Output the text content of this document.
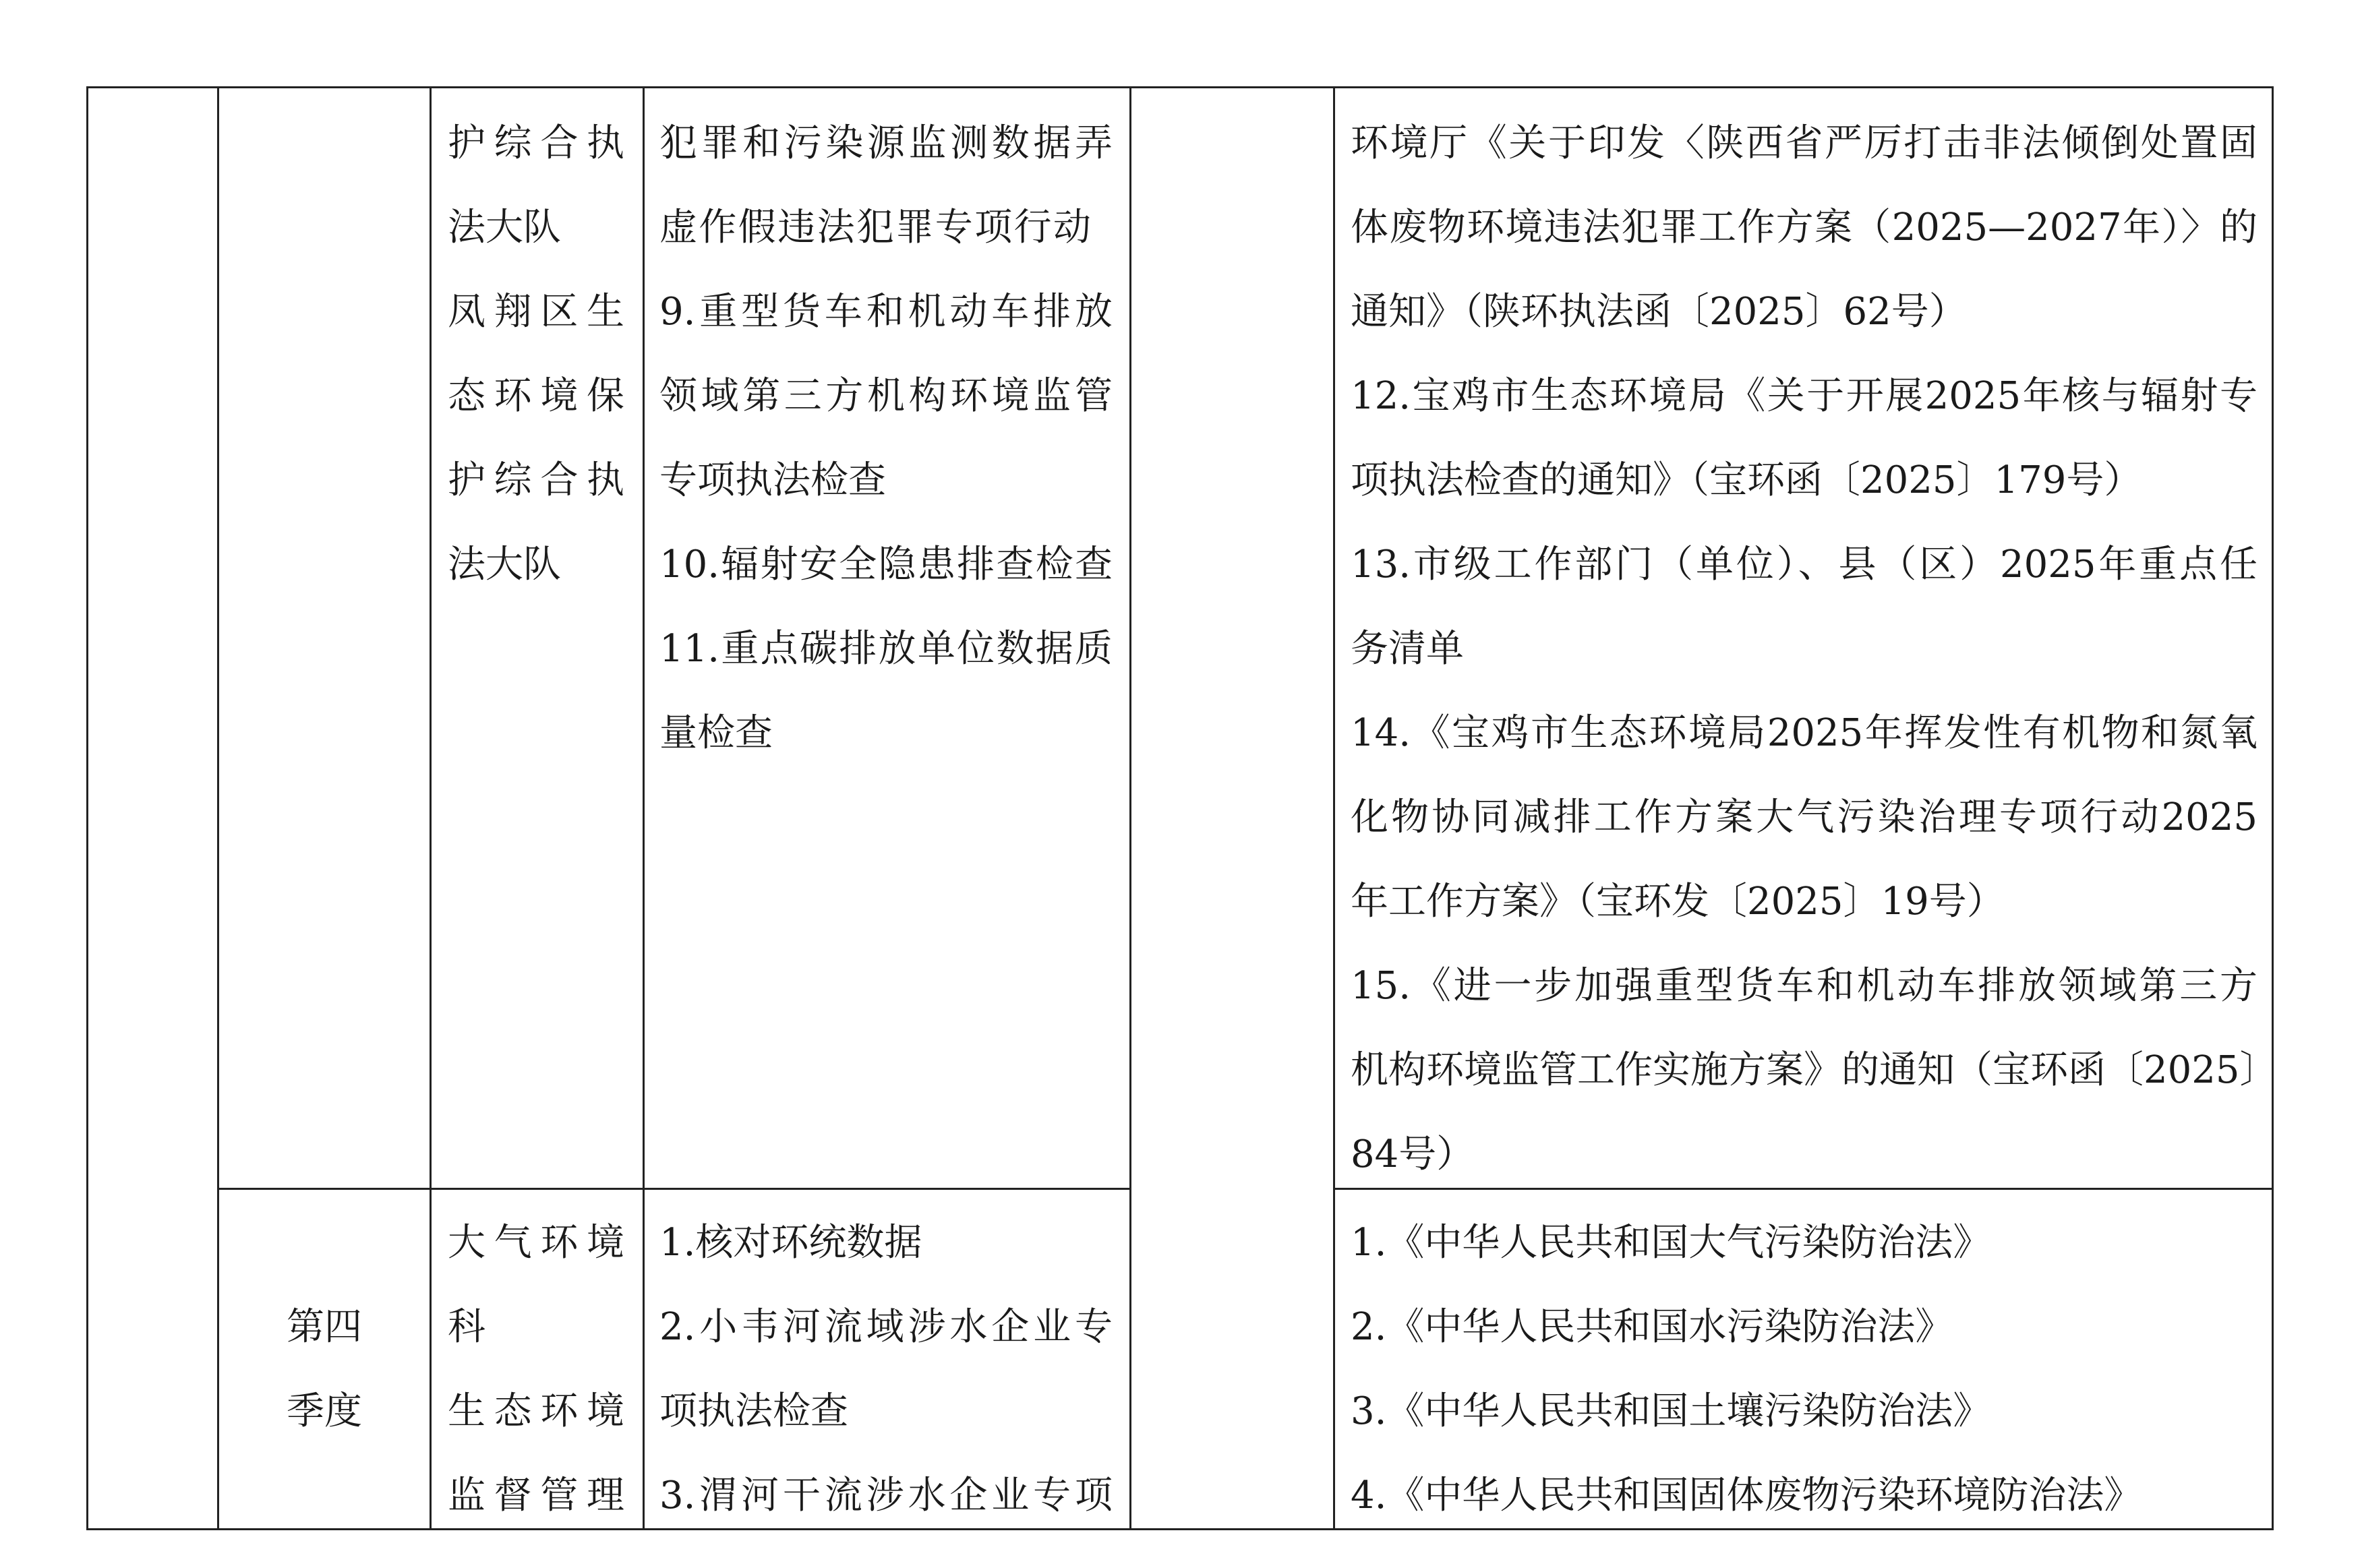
护综合执
法大队
凤翔区生
态环境保
护综合执
法大队
犯罪和污染源监测数据弄
虚作假违法犯罪专项行动
9.重型货车和机动车排放
领域第三方机构环境监管
专项执法检查
10.辐射安全隐患排查检查
11.重点碳排放单位数据质
量检查
环境厅《关于印发〈陕西省严厉打击非法倾倒处置固
体废物环境违法犯罪工作方案（2025—2027年）〉的
通知》（陕环执法函〔2025〕62号）
12.宝鸡市生态环境局《关于开展2025年核与辐射专
项执法检查的通知》（宝环函〔2025〕179号）
13.市级工作部门（单位）、县（区）2025年重点任
务清单
14.《宝鸡市生态环境局2025年挥发性有机物和氮氧
化物协同减排工作方案大气污染治理专项行动2025
年工作方案》（宝环发〔2025〕19号）
15.《进一步加强重型货车和机动车排放领域第三方
机构环境监管工作实施方案》的通知（宝环函〔2025〕
84号）
第四
季度
大气环境
科
生态环境
监督管理
1.核对环统数据
2.小韦河流域涉水企业专
项执法检查
3.渭河干流涉水企业专项
1.《中华人民共和国大气污染防治法》
2.《中华人民共和国水污染防治法》
3.《中华人民共和国土壤污染防治法》
4.《中华人民共和国固体废物污染环境防治法》
